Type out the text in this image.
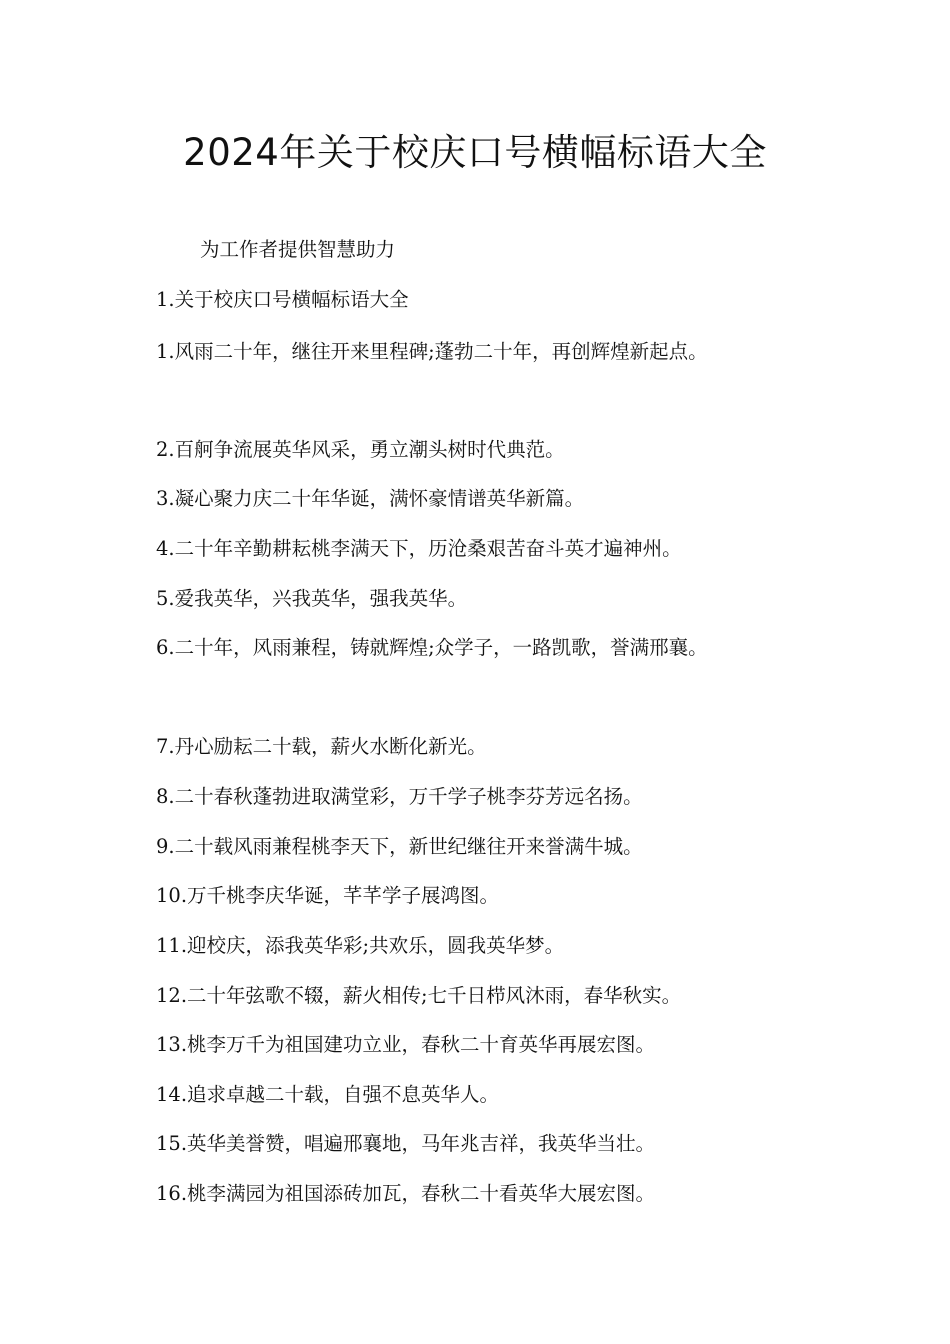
2024年关于校庆口号横幅标语大全
为工作者提供智慧助力
1.关于校庆口号横幅标语大全
1.风雨二十年，继往开来里程碑;蓬勃二十年，再创辉煌新起点。
2.百舸争流展英华风采，勇立潮头树时代典范。
3.凝心聚力庆二十年华诞，满怀豪情谱英华新篇。
4.二十年辛勤耕耘桃李满天下，历沧桑艰苦奋斗英才遍神州。
5.爱我英华，兴我英华，强我英华。
6.二十年，风雨兼程，铸就辉煌;众学子，一路凯歌，誉满邢襄。
7.丹心励耘二十载，薪火水断化新光。
8.二十春秋蓬勃进取满堂彩，万千学子桃李芬芳远名扬。
9.二十载风雨兼程桃李天下，新世纪继往开来誉满牛城。
10.万千桃李庆华诞，芊芊学子展鸿图。
11.迎校庆，添我英华彩;共欢乐，圆我英华梦。
12.二十年弦歌不辍，薪火相传;七千日栉风沐雨，春华秋实。
13.桃李万千为祖国建功立业，春秋二十育英华再展宏图。
14.追求卓越二十载，自强不息英华人。
15.英华美誉赞，唱遍邢襄地，马年兆吉祥，我英华当壮。
16.桃李满园为祖国添砖加瓦，春秋二十看英华大展宏图。
